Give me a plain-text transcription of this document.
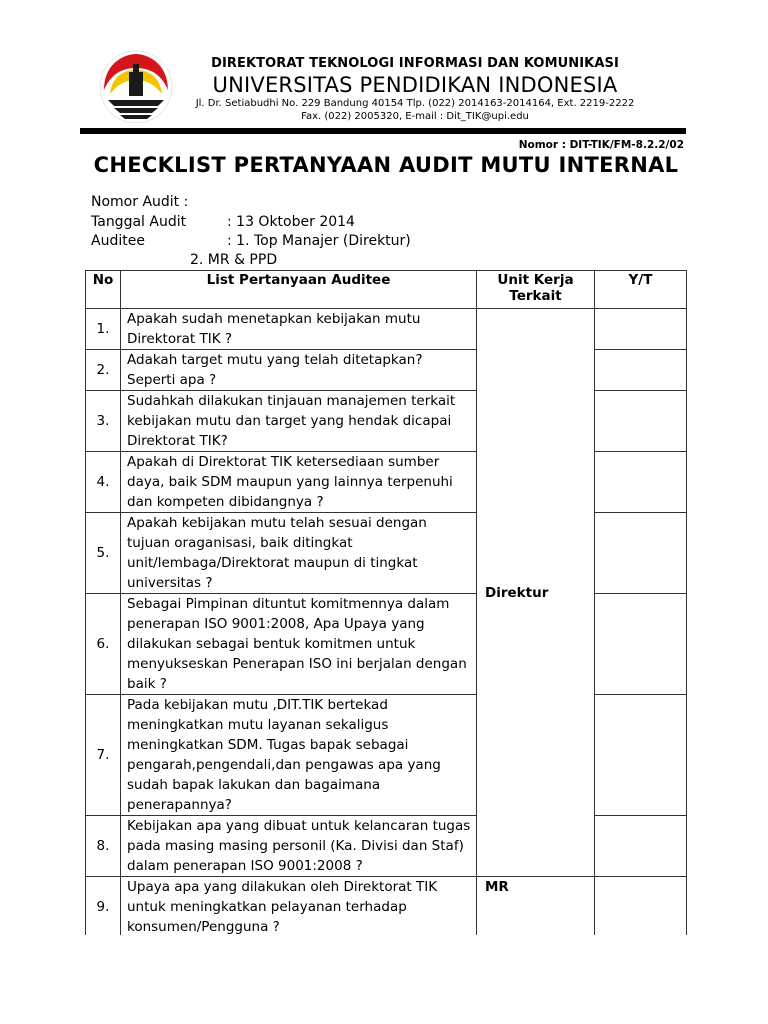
DIREKTORAT TEKNOLOGI INFORMASI DAN KOMUNIKASI
UNIVERSITAS PENDIDIKAN INDONESIA
Jl. Dr. Setiabudhi No. 229 Bandung 40154 Tlp. (022) 2014163-2014164, Ext. 2219-2222
Fax. (022) 2005320, E-mail : Dit_TIK@upi.edu
Nomor : DIT-TIK/FM-8.2.2/02
CHECKLIST PERTANYAAN AUDIT MUTU INTERNAL
Nomor Audit :
Tanggal Audit	: 13 Oktober 2014
Auditee	: 1. Top Manajer (Direktur)
2. MR & PPD
No	List Pertanyaan Auditee	Unit Kerja Terkait	Y/T
1.	Apakah sudah menetapkan kebijakan mutu Direktorat TIK ?	Direktur	
2.	Adakah target mutu yang telah ditetapkan? Seperti apa ?		
3.	Sudahkah dilakukan tinjauan manajemen terkait kebijakan mutu dan target yang hendak dicapai Direktorat TIK?		
4.	Apakah di Direktorat TIK ketersediaan sumber daya, baik SDM maupun yang lainnya terpenuhi dan kompeten dibidangnya ?		
5.	Apakah kebijakan mutu telah sesuai dengan tujuan oraganisasi, baik ditingkat unit/lembaga/Direktorat maupun di tingkat universitas ?		
6.	Sebagai Pimpinan dituntut komitmennya dalam penerapan ISO 9001:2008, Apa Upaya yang dilakukan sebagai bentuk komitmen untuk menyukseskan Penerapan ISO ini berjalan dengan baik ?		
7.	Pada kebijakan mutu ,DIT.TIK bertekad meningkatkan mutu layanan sekaligus meningkatkan SDM. Tugas bapak sebagai pengarah,pengendali,dan pengawas apa yang sudah bapak lakukan dan bagaimana penerapannya?		
8.	Kebijakan apa yang dibuat untuk kelancaran tugas pada masing masing personil (Ka. Divisi dan Staf) dalam penerapan ISO 9001:2008 ?		
9.	Upaya apa yang dilakukan oleh Direktorat TIK untuk meningkatkan pelayanan terhadap konsumen/Pengguna ?	MR	
